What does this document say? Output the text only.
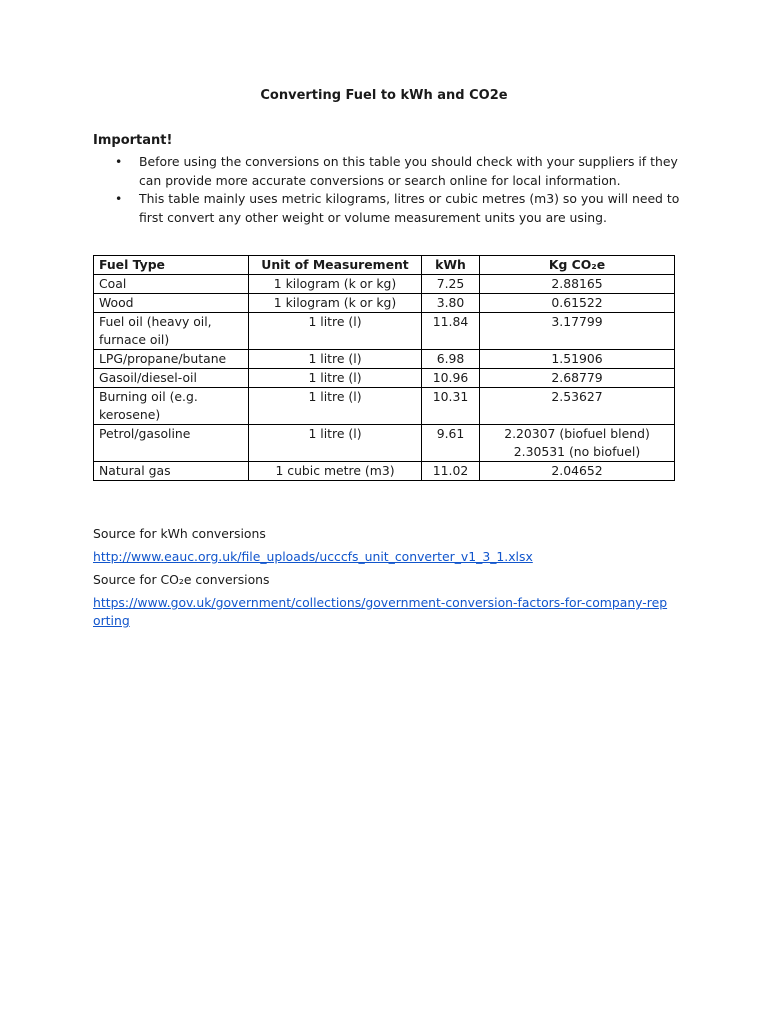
Converting Fuel to kWh and CO2e
Important!
• Before using the conversions on this table you should check with your suppliers if they can provide more accurate conversions or search online for local information.
• This table mainly uses metric kilograms, litres or cubic metres (m3) so you will need to first convert any other weight or volume measurement units you are using.
Fuel Type	Unit of Measurement	kWh	Kg CO₂e
Coal	1 kilogram (k or kg)	7.25	2.88165
Wood	1 kilogram (k or kg)	3.80	0.61522
Fuel oil (heavy oil, furnace oil)	1 litre (l)	11.84	3.17799
LPG/propane/butane	1 litre (l)	6.98	1.51906
Gasoil/diesel-oil	1 litre (l)	10.96	2.68779
Burning oil (e.g. kerosene)	1 litre (l)	10.31	2.53627
Petrol/gasoline	1 litre (l)	9.61	2.20307 (biofuel blend)
2.30531 (no biofuel)

Natural gas	1 cubic metre (m3)	11.02	2.04652
Source for kWh conversions
http://www.eauc.org.uk/file_uploads/ucccfs_unit_converter_v1_3_1.xlsx
Source for CO₂e conversions
https://www.gov.uk/government/collections/government-conversion-factors-for-company-reporting
